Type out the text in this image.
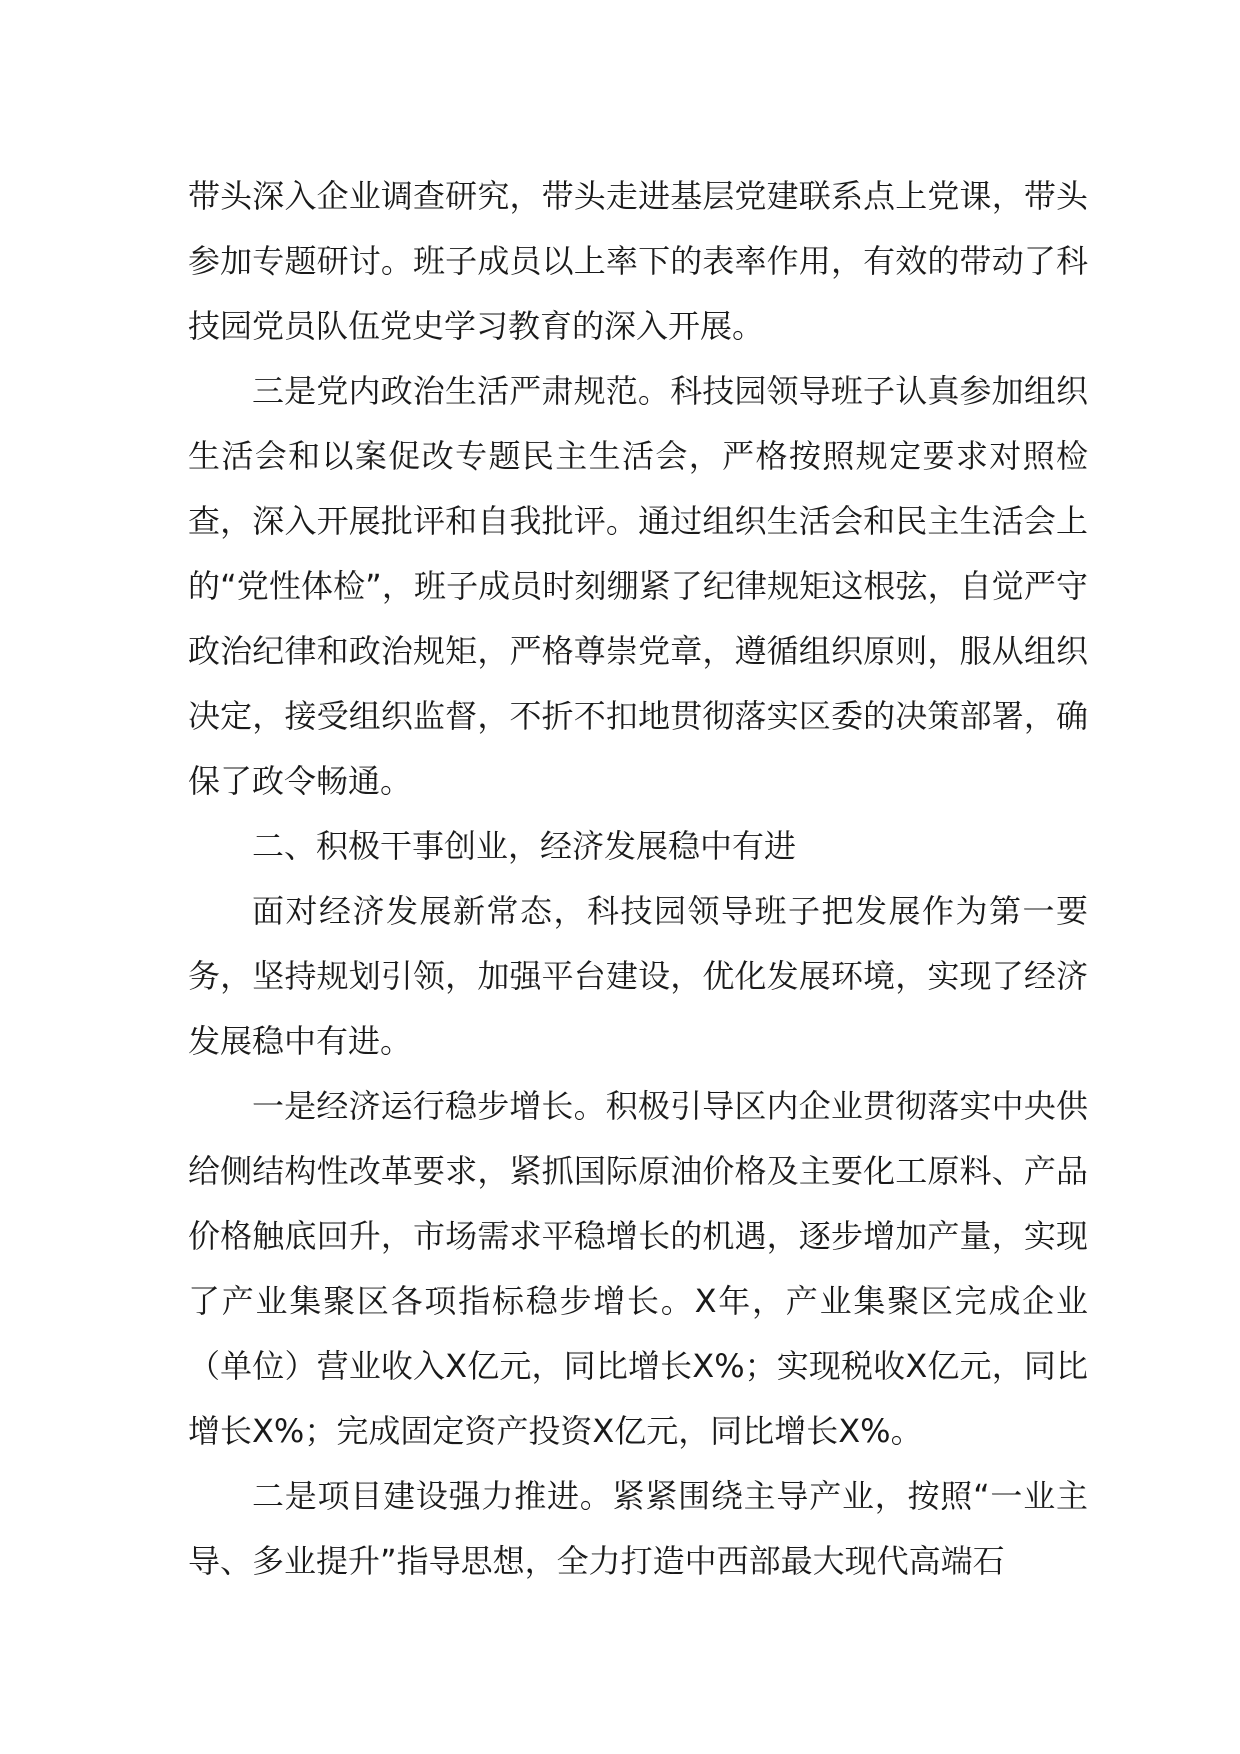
带头深入企业调查研究，带头走进基层党建联系点上党课，带头参加专题研讨。班子成员以上率下的表率作用，有效的带动了科技园党员队伍党史学习教育的深入开展。

三是党内政治生活严肃规范。科技园领导班子认真参加组织生活会和以案促改专题民主生活会，严格按照规定要求对照检查，深入开展批评和自我批评。通过组织生活会和民主生活会上的“党性体检”，班子成员时刻绷紧了纪律规矩这根弦，自觉严守政治纪律和政治规矩，严格尊崇党章，遵循组织原则，服从组织决定，接受组织监督，不折不扣地贯彻落实区委的决策部署，确保了政令畅通。

二、积极干事创业，经济发展稳中有进

面对经济发展新常态，科技园领导班子把发展作为第一要务，坚持规划引领，加强平台建设，优化发展环境，实现了经济发展稳中有进。

一是经济运行稳步增长。积极引导区内企业贯彻落实中央供给侧结构性改革要求，紧抓国际原油价格及主要化工原料、产品价格触底回升，市场需求平稳增长的机遇，逐步增加产量，实现了产业集聚区各项指标稳步增长。X年，产业集聚区完成企业（单位）营业收入X亿元，同比增长X%；实现税收X亿元，同比增长X%；完成固定资产投资X亿元，同比增长X%。

二是项目建设强力推进。紧紧围绕主导产业，按照“一业主导、多业提升”指导思想，全力打造中西部最大现代高端石
